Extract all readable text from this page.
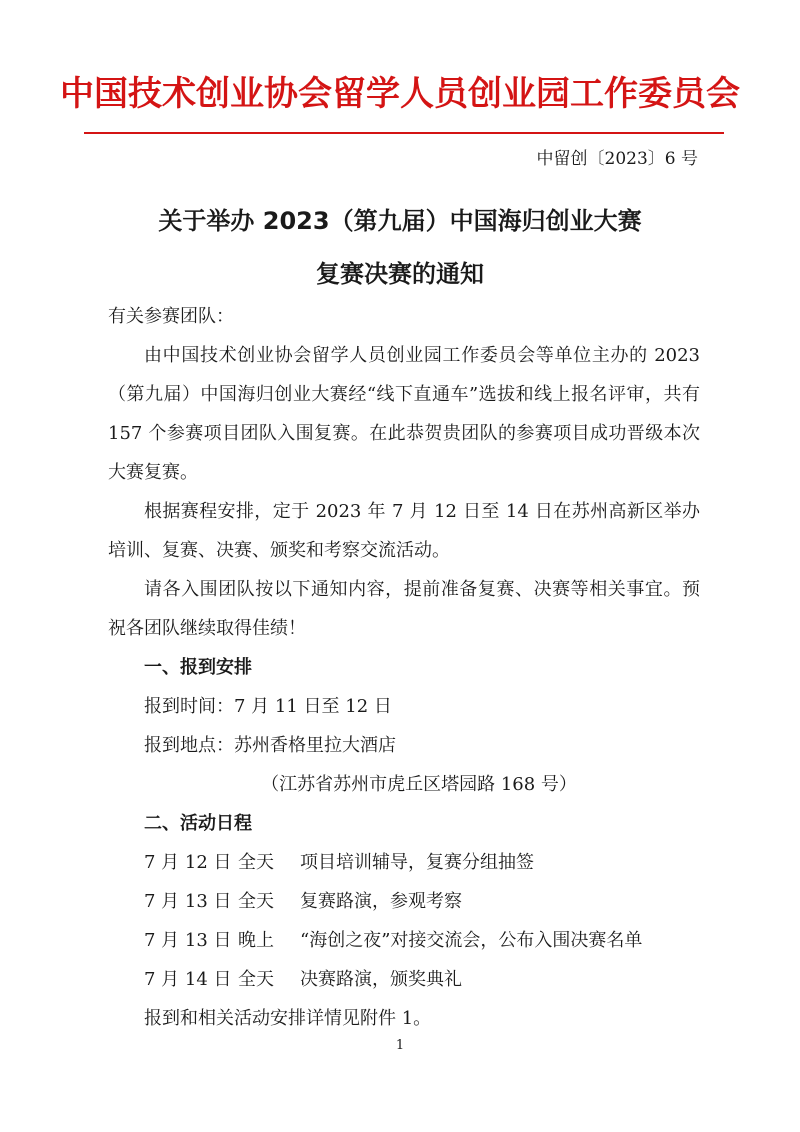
中国技术创业协会留学人员创业园工作委员会
中留创〔2023〕6 号
关于举办 2023（第九届）中国海归创业大赛
复赛决赛的通知
有关参赛团队：

由中国技术创业协会留学人员创业园工作委员会等单位主办的 2023（第九届）中国海归创业大赛经“线下直通车”选拔和线上报名评审，共有 157 个参赛项目团队入围复赛。在此恭贺贵团队的参赛项目成功晋级本次大赛复赛。

根据赛程安排，定于 2023 年 7 月 12 日至 14 日在苏州高新区举办培训、复赛、决赛、颁奖和考察交流活动。

请各入围团队按以下通知内容，提前准备复赛、决赛等相关事宜。预祝各团队继续取得佳绩！

一、报到安排

报到时间：7 月 11 日至 12 日

报到地点：苏州香格里拉大酒店

（江苏省苏州市虎丘区塔园路 168 号）

二、活动日程

7 月 12 日 全天 项目培训辅导，复赛分组抽签

7 月 13 日 全天 复赛路演，参观考察

7 月 13 日 晚上 “海创之夜”对接交流会，公布入围决赛名单

7 月 14 日 全天 决赛路演，颁奖典礼

报到和相关活动安排详情见附件 1。

1
